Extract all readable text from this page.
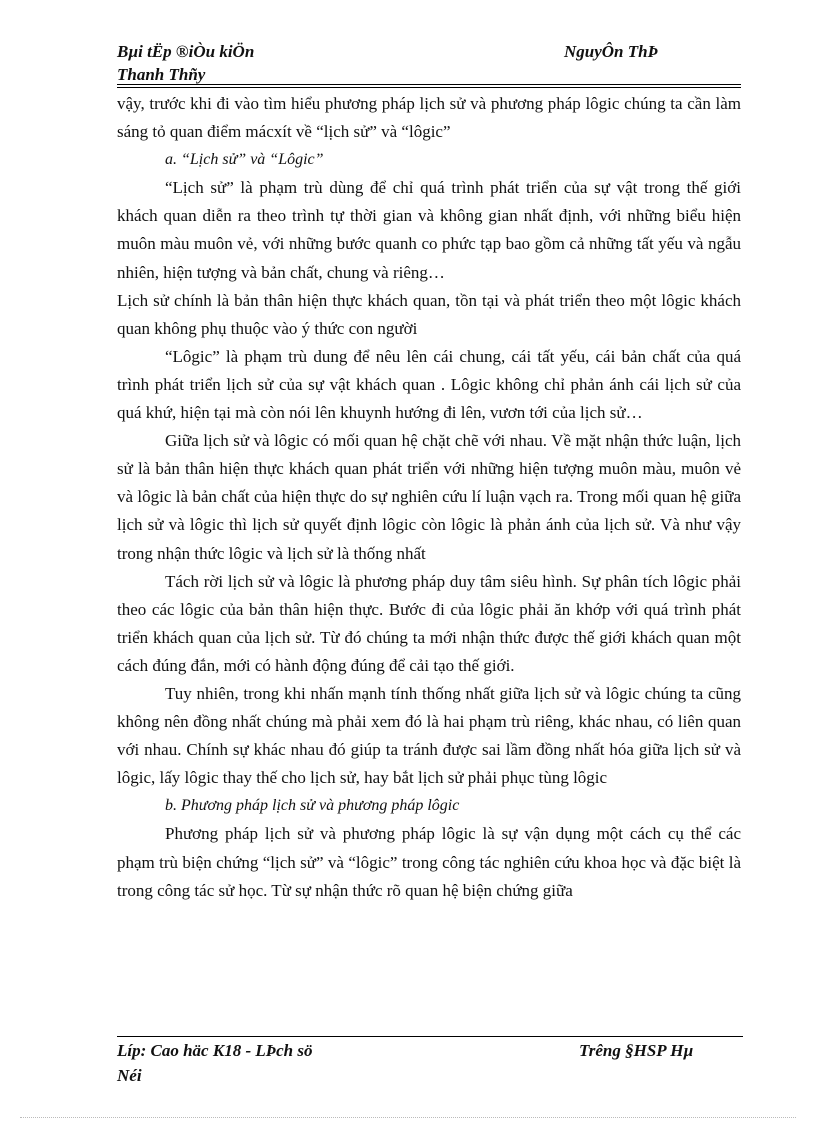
Bµi tËp ®iÒu kiÖn	NguyÔn ThÞ
Thanh Thñy

vậy, trước khi đi vào tìm hiểu phương pháp lịch sử và phương pháp lôgic chúng ta cần làm sáng tỏ quan điểm mácxít về “lịch sử” và “lôgic”

a. “Lịch sử” và “Lôgic”

“Lịch sử” là phạm trù dùng để chỉ quá trình phát triển của sự vật trong thế giới khách quan diễn ra theo trình tự thời gian và không gian nhất định, với những biểu hiện muôn màu muôn vẻ, với những bước quanh co phức tạp bao gồm cả những tất yếu và ngẫu nhiên, hiện tượng và bản chất, chung và riêng…

Lịch sử chính là bản thân hiện thực khách quan, tồn tại và phát triển theo một lôgic khách quan không phụ thuộc vào ý thức con người

“Lôgic” là phạm trù dung để nêu lên cái chung, cái tất yếu, cái bản chất của quá trình phát triển lịch sử của sự vật khách quan . Lôgic không chỉ phản ánh cái lịch sử của quá khứ, hiện tại mà còn nói lên khuynh hướng đi lên, vươn tới của lịch sử…

Giữa lịch sử và lôgic có mối quan hệ chặt chẽ với nhau. Về mặt nhận thức luận, lịch sử là bản thân hiện thực khách quan phát triển với những hiện tượng muôn màu, muôn vẻ và lôgic là bản chất của hiện thực do sự nghiên cứu lí luận vạch ra. Trong mối quan hệ giữa lịch sử và lôgic thì lịch sử quyết định lôgic còn lôgic là phản ánh của lịch sử. Và như vậy trong nhận thức lôgic và lịch sử là thống nhất

Tách rời lịch sử và lôgic là phương pháp duy tâm siêu hình. Sự phân tích lôgic phải theo các lôgic của bản thân hiện thực. Bước đi của lôgic phải ăn khớp với quá trình phát triển khách quan của lịch sử. Từ đó chúng ta mới nhận thức được thế giới khách quan một cách đúng đắn, mới có hành động đúng để cải tạo thế giới.

Tuy nhiên, trong khi nhấn mạnh tính thống nhất giữa lịch sử và lôgic chúng ta cũng không nên đồng nhất chúng mà phải xem đó là hai phạm trù riêng, khác nhau, có liên quan với nhau. Chính sự khác nhau đó giúp ta tránh được sai lầm đồng nhất hóa giữa lịch sử và lôgic, lấy lôgic thay thế cho lịch sử, hay bắt lịch sử phải phục tùng lôgic

b. Phương pháp lịch sử và phương pháp lôgic

Phương pháp lịch sử và phương pháp lôgic là sự vận dụng một cách cụ thể các phạm trù biện chứng “lịch sử” và “lôgic” trong công tác nghiên cứu khoa học và đặc biệt là trong công tác sử học. Từ sự nhận thức rõ quan hệ biện chứng giữa

Líp: Cao häc K18 - LÞch sö	Trêng §HSP Hµ
Néi
